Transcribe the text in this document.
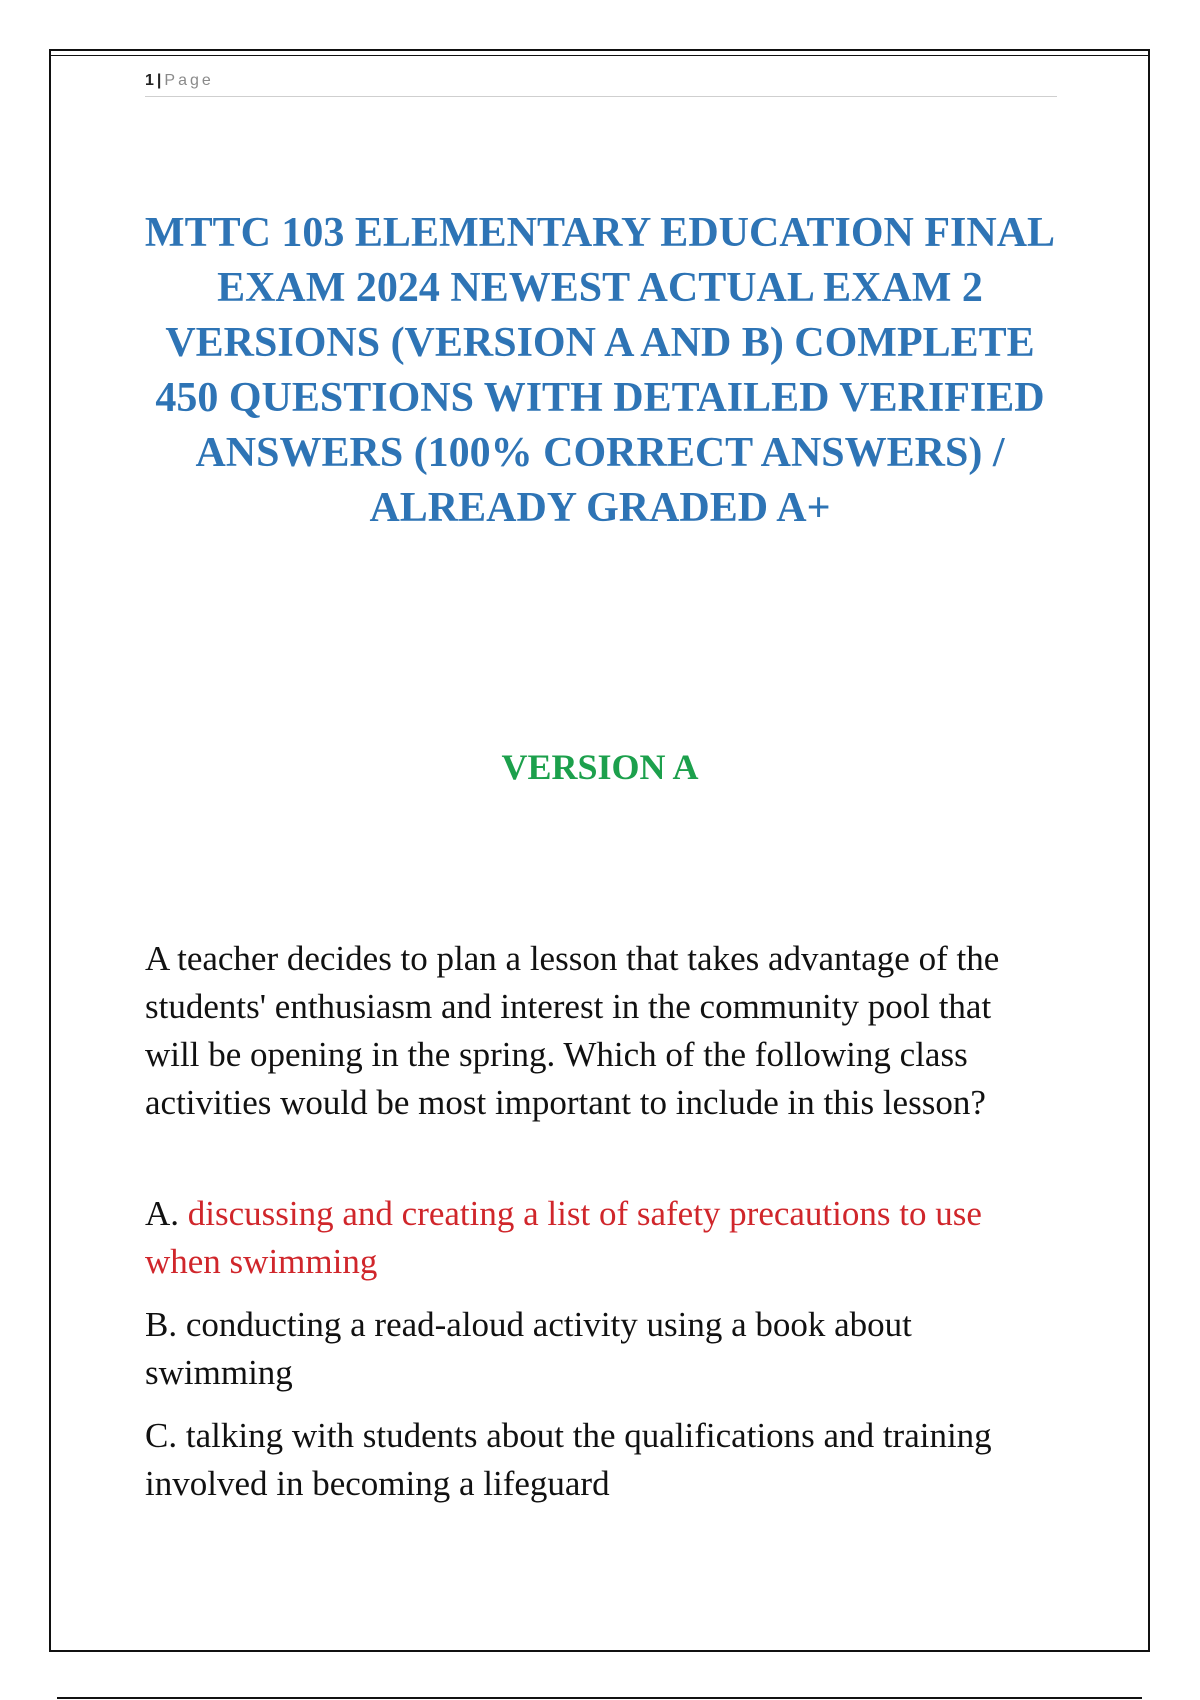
1 | Page
MTTC 103 ELEMENTARY EDUCATION FINAL EXAM 2024 NEWEST ACTUAL EXAM 2 VERSIONS (VERSION A AND B) COMPLETE 450 QUESTIONS WITH DETAILED VERIFIED ANSWERS (100% CORRECT ANSWERS) / ALREADY GRADED A+
VERSION A
A teacher decides to plan a lesson that takes advantage of the students' enthusiasm and interest in the community pool that will be opening in the spring. Which of the following class activities would be most important to include in this lesson?
A. discussing and creating a list of safety precautions to use when swimming
B. conducting a read-aloud activity using a book about swimming
C. talking with students about the qualifications and training involved in becoming a lifeguard
